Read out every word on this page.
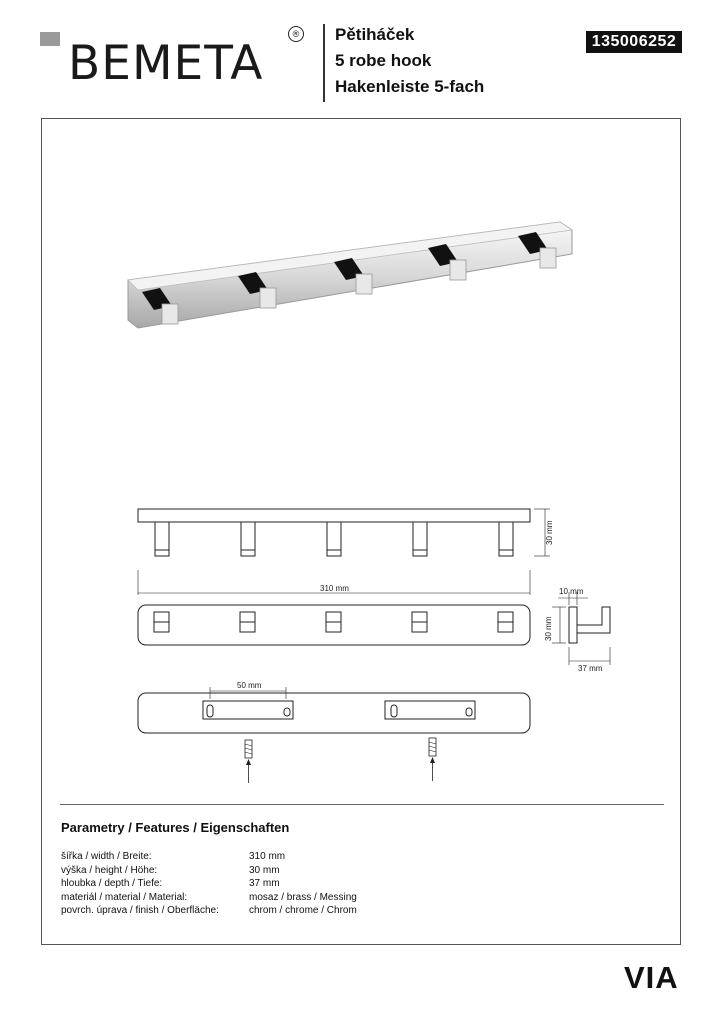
BEMETA
® Pětiháček
5 robe hook
Hakenleiste 5-fach
135006252
30 mm
310 mm	10 mm
30 mm
37 mm
50 mm
Parametry / Features / Eigenschaften
šířka / width / Breite:	310 mm
výška / height / Höhe:	30 mm
hloubka / depth / Tiefe:	37 mm
materiál / material / Material:	mosaz / brass / Messing
povrch. úprava / finish / Oberfläche:	chrom / chrome / Chrom
VIA
